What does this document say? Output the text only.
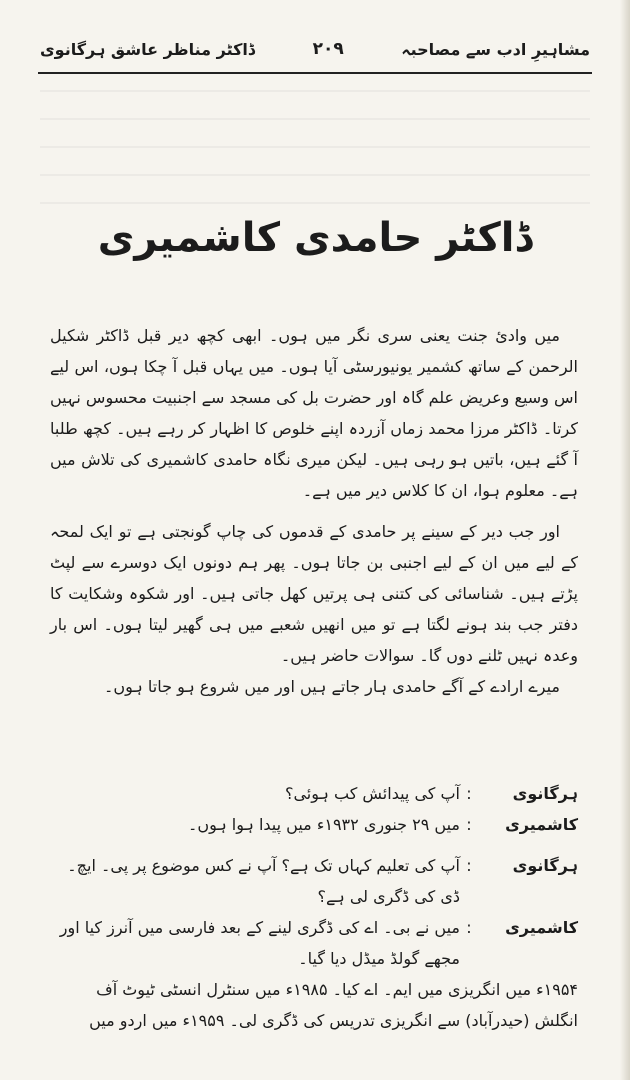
مشاہیرِ ادب سے مصاحبہ
۲۰۹
ڈاکٹر مناظر عاشق ہرگانوی
ڈاکٹر حامدی کاشمیری

میں وادیٔ جنت یعنی سری نگر میں ہوں۔ ابھی کچھ دیر قبل ڈاکٹر شکیل الرحمن کے ساتھ کشمیر یونیورسٹی آیا ہوں۔ میں یہاں قبل آ چکا ہوں، اس لیے اس وسیع وعریض علم گاہ اور حضرت بل کی مسجد سے اجنبیت محسوس نہیں کرتا۔ ڈاکٹر مرزا محمد زماں آزردہ اپنے خلوص کا اظہار کر رہے ہیں۔ کچھ طلبا آ گئے ہیں، باتیں ہو رہی ہیں۔ لیکن میری نگاہ حامدی کاشمیری کی تلاش میں ہے۔ معلوم ہوا، ان کا کلاس دیر میں ہے۔

اور جب دیر کے سینے پر حامدی کے قدموں کی چاپ گونجتی ہے تو ایک لمحہ کے لیے میں ان کے لیے اجنبی بن جاتا ہوں۔ پھر ہم دونوں ایک دوسرے سے لپٹ پڑتے ہیں۔ شناسائی کی کتنی ہی پرتیں کھل جاتی ہیں۔ اور شکوہ وشکایت کا دفتر جب بند ہونے لگتا ہے تو میں انھیں شعبے میں ہی گھیر لیتا ہوں۔ اس بار وعدہ نہیں ٹلنے دوں گا۔ سوالات حاضر ہیں۔

میرے ارادے کے آگے حامدی ہار جاتے ہیں اور میں شروع ہو جاتا ہوں۔

ہرگانوی
:
آپ کی پیدائش کب ہوئی؟
کاشمیری
:
میں ۲۹ جنوری ۱۹۳۲ء میں پیدا ہوا ہوں۔
ہرگانوی
:
آپ کی تعلیم کہاں تک ہے؟ آپ نے کس موضوع پر پی۔ ایچ۔ ڈی کی ڈگری لی ہے؟
کاشمیری
:
میں نے بی۔ اے کی ڈگری لینے کے بعد فارسی میں آنرز کیا اور مجھے گولڈ میڈل دیا گیا۔
۱۹۵۴ء میں انگریزی میں ایم۔ اے کیا۔ ۱۹۸۵ء میں سنٹرل انسٹی ٹیوٹ آف انگلش (حیدرآباد) سے انگریزی تدریس کی ڈگری لی۔ ۱۹۵۹ء میں اردو میں
